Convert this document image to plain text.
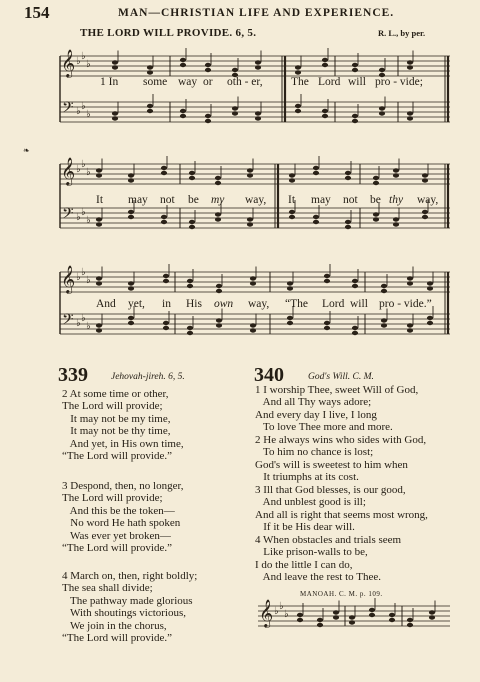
154	MAN—CHRISTIAN LIFE AND EXPERIENCE.
THE LORD WILL PROVIDE. 6, 5.	R. L., by per.
❧
𝄞
𝄢
♭ ♭
♭
♭ ♭
♭
1 In some way or oth - er, The Lord will pro - vide;
𝄞
𝄢
♭ ♭
♭
♭ ♭
♭
It may not be my way, It may not be thy way,
𝄞
𝄢
♭ ♭
♭
♭ ♭
♭
And yet, in His own way, “The Lord will pro - vide.”
339 Jehovah-jireh. 6, 5.
2 At some time or other,
The Lord will provide;
It may not be my time,
It may not be thy time,
And yet, in His own time,
“The Lord will provide.”
3 Despond, then, no longer,
The Lord will provide;
And this be the token—
No word He hath spoken
Was ever yet broken—
“The Lord will provide.”
4 March on, then, right boldly;
The sea shall divide;
The pathway made glorious
With shoutings victorious,
We join in the chorus,
“The Lord will provide.”
340	God's Will. C. M.
1 I worship Thee, sweet Will of God,
And all Thy ways adore;
And every day I live, I long
To love Thee more and more.
2 He always wins who sides with God,
To him no chance is lost;
God's will is sweetest to him when
It triumphs at its cost.
3 Ill that God blesses, is our good,
And unblest good is ill;
And all is right that seems most wrong,
If it be His dear will.
4 When obstacles and trials seem
Like prison-walls to be,
I do the little I can do,
And leave the rest to Thee.
MANOAH. C. M. p. 109.
𝄞 ♭ ♭
♭
